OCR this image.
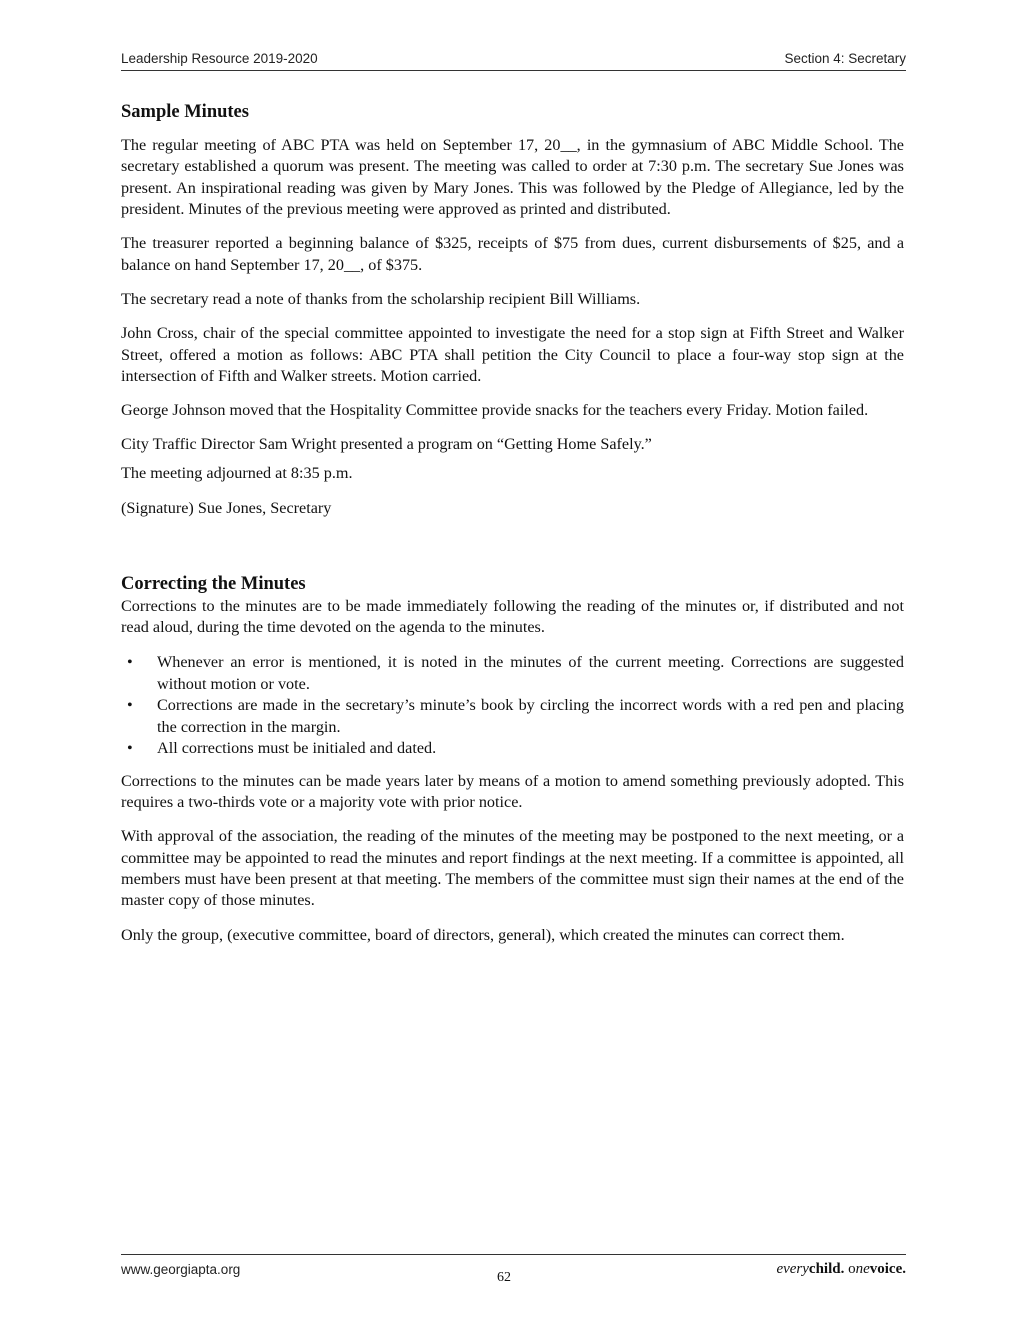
Leadership Resource 2019-2020	Section 4: Secretary
Sample Minutes

The regular meeting of ABC PTA was held on September 17, 20__, in the gymnasium of ABC Middle School. The secretary established a quorum was present. The meeting was called to order at 7:30 p.m. The secretary Sue Jones was present. An inspirational reading was given by Mary Jones. This was followed by the Pledge of Allegiance, led by the president. Minutes of the previous meeting were approved as printed and distributed.

The treasurer reported a beginning balance of $325, receipts of $75 from dues, current disbursements of $25, and a balance on hand September 17, 20__, of $375.

The secretary read a note of thanks from the scholarship recipient Bill Williams.

John Cross, chair of the special committee appointed to investigate the need for a stop sign at Fifth Street and Walker Street, offered a motion as follows: ABC PTA shall petition the City Council to place a four-way stop sign at the intersection of Fifth and Walker streets. Motion carried.

George Johnson moved that the Hospitality Committee provide snacks for the teachers every Friday. Motion failed.

City Traffic Director Sam Wright presented a program on “Getting Home Safely.”

The meeting adjourned at 8:35 p.m.

(Signature) Sue Jones, Secretary

Correcting the Minutes

Corrections to the minutes are to be made immediately following the reading of the minutes or, if distributed and not read aloud, during the time devoted on the agenda to the minutes.

• Whenever an error is mentioned, it is noted in the minutes of the current meeting. Corrections are suggested without motion or vote.
• Corrections are made in the secretary’s minute’s book by circling the incorrect words with a red pen and placing the correction in the margin.
• All corrections must be initialed and dated.

Corrections to the minutes can be made years later by means of a motion to amend something previously adopted. This requires a two-thirds vote or a majority vote with prior notice.

With approval of the association, the reading of the minutes of the meeting may be postponed to the next meeting, or a committee may be appointed to read the minutes and report findings at the next meeting. If a committee is appointed, all members must have been present at that meeting. The members of the committee must sign their names at the end of the master copy of those minutes.

Only the group, (executive committee, board of directors, general), which created the minutes can correct them.

www.georgiapta.org
62
everychild. onevoice.
